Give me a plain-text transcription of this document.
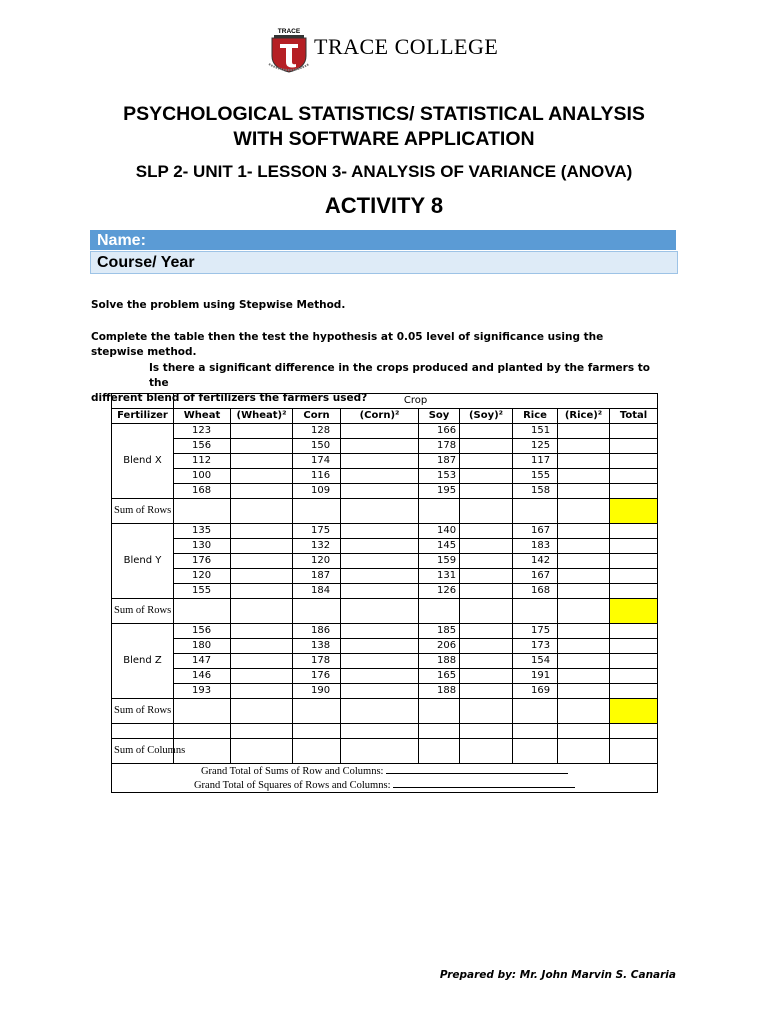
TRACE
TRACE COLLEGE
PSYCHOLOGICAL STATISTICS/ STATISTICAL ANALYSIS
WITH SOFTWARE APPLICATION
SLP 2- UNIT 1- LESSON 3- ANALYSIS OF VARIANCE (ANOVA)
ACTIVITY 8
Name:
Course/ Year
Solve the problem using Stepwise Method.
Complete the table then the test the hypothesis at 0.05 level of significance using the stepwise method.
Is there a significant difference in the crops produced and planted by the farmers to the
different blend of fertilizers the farmers used?
		Crop								
Fertilizer	Wheat	(Wheat)²	Corn	(Corn)²	Soy	(Soy)²	Rice	(Rice)²	Total
Blend X	123		128		166		151		
	156		150		178		125		
	112		174		187		117		
	100		116		153		155		
	168		109		195		158		
Sum of Rows									
Blend Y	135		175		140		167		
	130		132		145		183		
	176		120		159		142		
	120		187		131		167		
	155		184		126		168		
Sum of Rows									
Blend Z	156		186		185		175		
	180		138		206		173		
	147		178		188		154		
	146		176		165		191		
	193		190		188		169		
Sum of Rows									

Sum of Columns									

Grand Total of Sums of Row and Columns:
Grand Total of Squares of Rows and Columns:									
Prepared by: Mr. John Marvin S. Canaria
